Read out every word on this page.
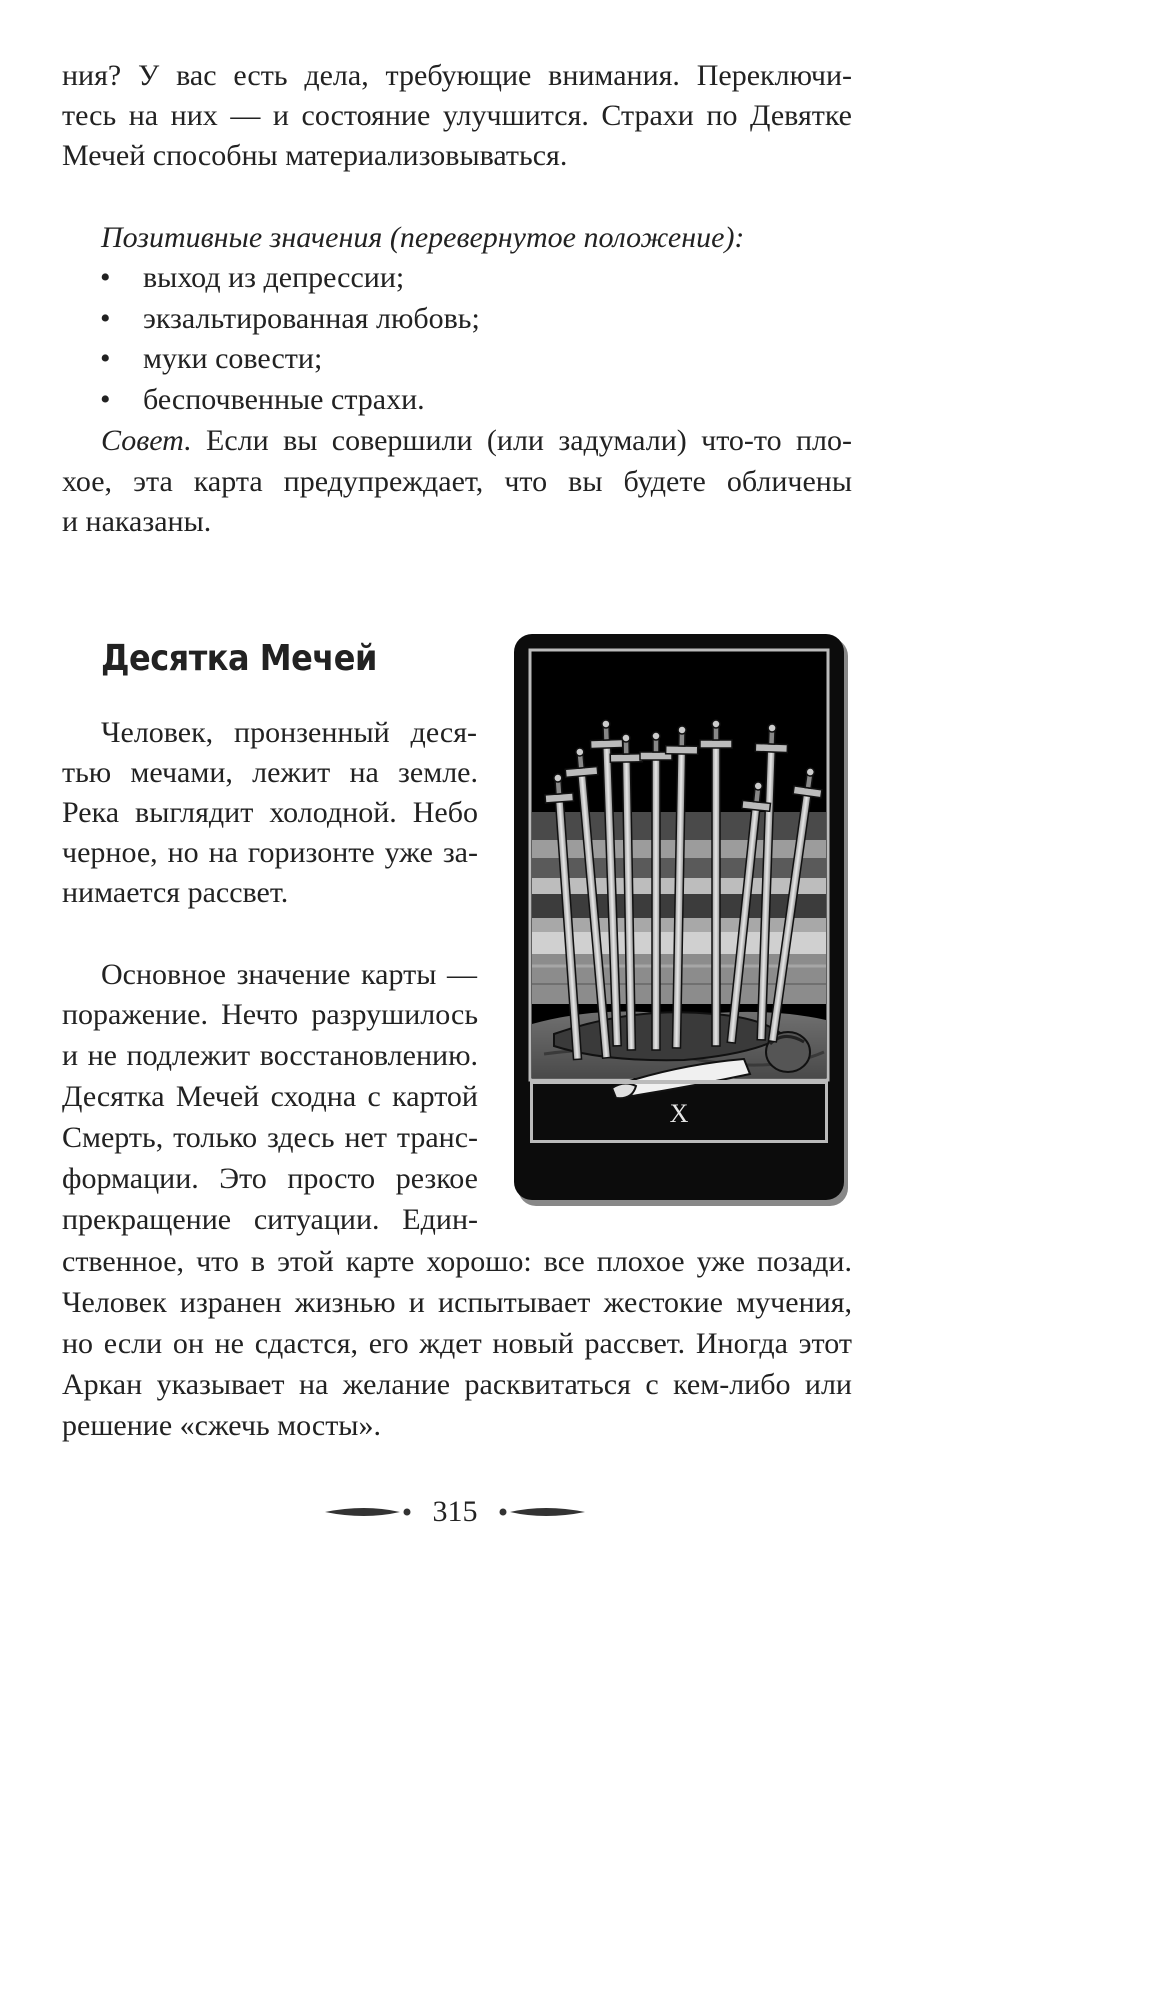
ния? У вас есть дела, требующие внимания. Переключи-
тесь на них — и состояние улучшится. Страхи по Девятке
Мечей способны материализовываться.
Позитивные значения (перевернутое положение):
• выход из депрессии;
• экзальтированная любовь;
• муки совести;
• беспочвенные страхи.
Совет. Если вы совершили (или задумали) что-то пло-
хое, эта карта предупреждает, что вы будете обличены
и наказаны.
Десятка Мечей
Человек, пронзенный деся-
тью мечами, лежит на земле.
Река выглядит холодной. Небо
черное, но на горизонте уже за-
нимается рассвет.
Основное значение карты —
поражение. Нечто разрушилось
и не подлежит восстановлению.
Десятка Мечей сходна с картой
Смерть, только здесь нет транс-
формации. Это просто резкое
прекращение ситуации. Един-
ственное, что в этой карте хорошо: все плохое уже позади.
Человек изранен жизнью и испытывает жестокие мучения,
но если он не сдастся, его ждет новый рассвет. Иногда этот
Аркан указывает на желание расквитаться с кем-либо или
решение «сжечь мосты».
X
315
